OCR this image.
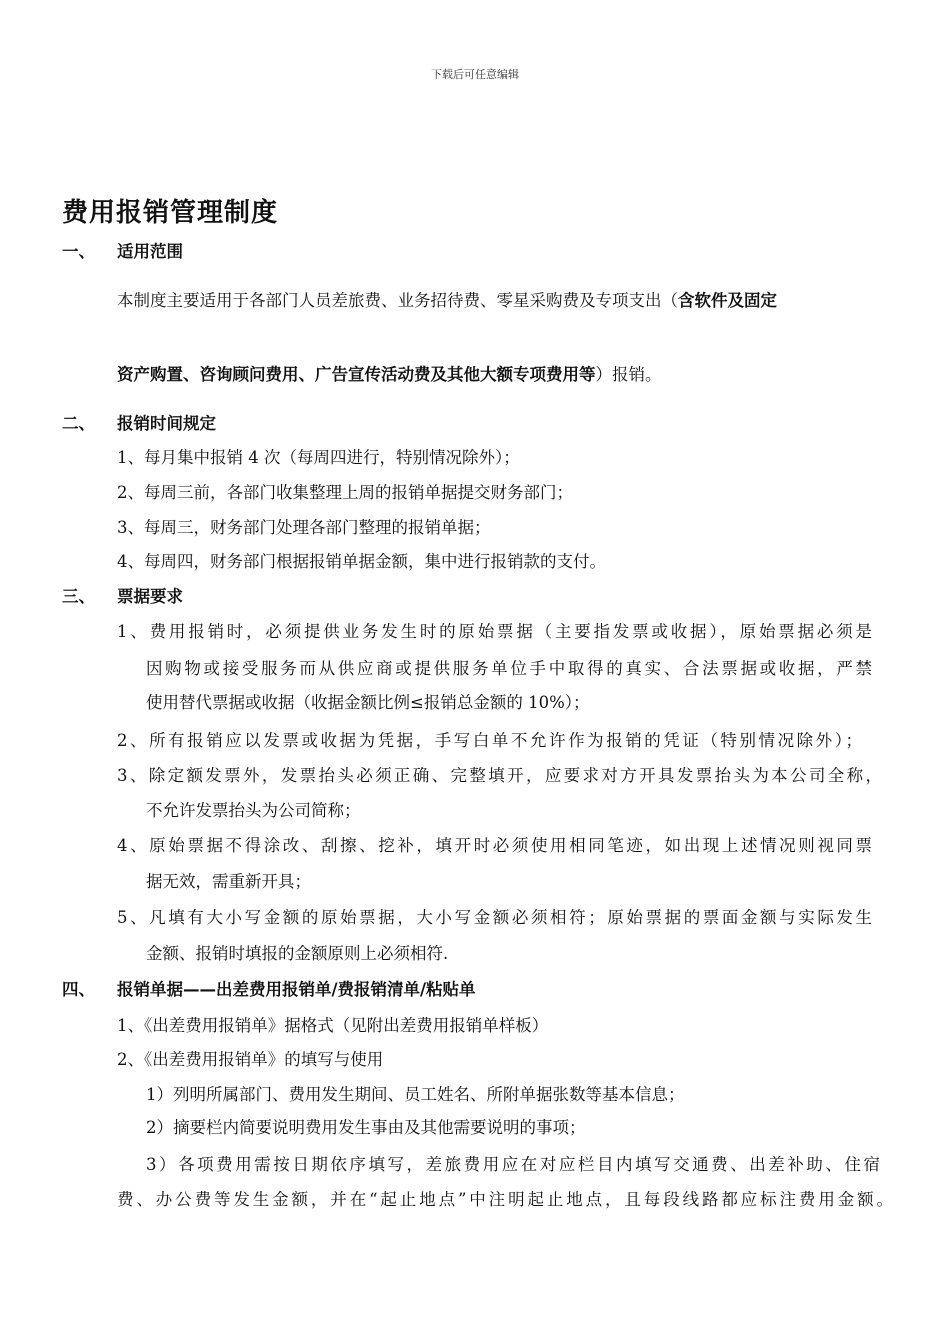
下载后可任意编辑
费用报销管理制度
一、 适用范围
本制度主要适用于各部门人员差旅费、业务招待费、零星采购费及专项支出（含软件及固定
资产购置、咨询顾问费用、广告宣传活动费及其他大额专项费用等）报销。
二、 报销时间规定
1、每月集中报销 4 次（每周四进行，特别情况除外）；
2、每周三前，各部门收集整理上周的报销单据提交财务部门；
3、每周三，财务部门处理各部门整理的报销单据；
4、每周四，财务部门根据报销单据金额，集中进行报销款的支付。
三、 票据要求
1、费用报销时，必须提供业务发生时的原始票据（主要指发票或收据），原始票据必须是
因购物或接受服务而从供应商或提供服务单位手中取得的真实、合法票据或收据，严禁
使用替代票据或收据（收据金额比例≤报销总金额的 10%）；
2、所有报销应以发票或收据为凭据，手写白单不允许作为报销的凭证（特别情况除外）；
3、除定额发票外，发票抬头必须正确、完整填开，应要求对方开具发票抬头为本公司全称，
不允许发票抬头为公司简称；
4、原始票据不得涂改、刮擦、挖补，填开时必须使用相同笔迹，如出现上述情况则视同票
据无效，需重新开具；
5、凡填有大小写金额的原始票据，大小写金额必须相符；原始票据的票面金额与实际发生
金额、报销时填报的金额原则上必须相符.
四、 报销单据——出差费用报销单/费报销清单/粘贴单
1、《出差费用报销单》据格式（见附出差费用报销单样板）
2、《出差费用报销单》的填写与使用
1）列明所属部门、费用发生期间、员工姓名、所附单据张数等基本信息；
2）摘要栏内简要说明费用发生事由及其他需要说明的事项；
3）各项费用需按日期依序填写，差旅费用应在对应栏目内填写交通费、出差补助、住宿
费、办公费等发生金额，并在“起止地点”中注明起止地点，且每段线路都应标注费用金额。
